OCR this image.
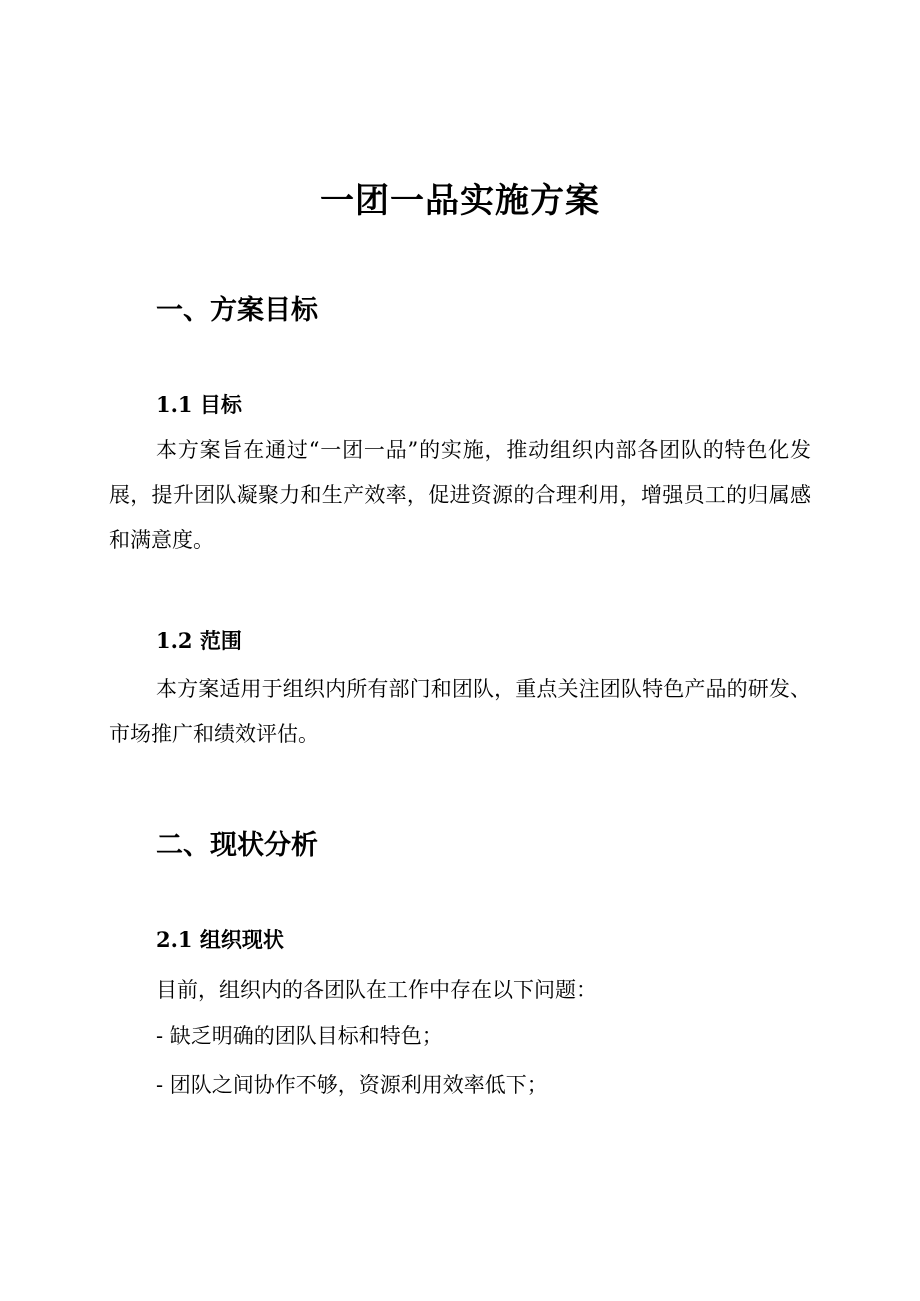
一团一品实施方案
一、方案目标
1.1 目标

本方案旨在通过“一团一品”的实施，推动组织内部各团队的特色化发展，提升团队凝聚力和生产效率，促进资源的合理利用，增强员工的归属感和满意度。

1.2 范围

本方案适用于组织内所有部门和团队，重点关注团队特色产品的研发、市场推广和绩效评估。

二、现状分析
2.1 组织现状

目前，组织内的各团队在工作中存在以下问题：

- 缺乏明确的团队目标和特色；

- 团队之间协作不够，资源利用效率低下；
